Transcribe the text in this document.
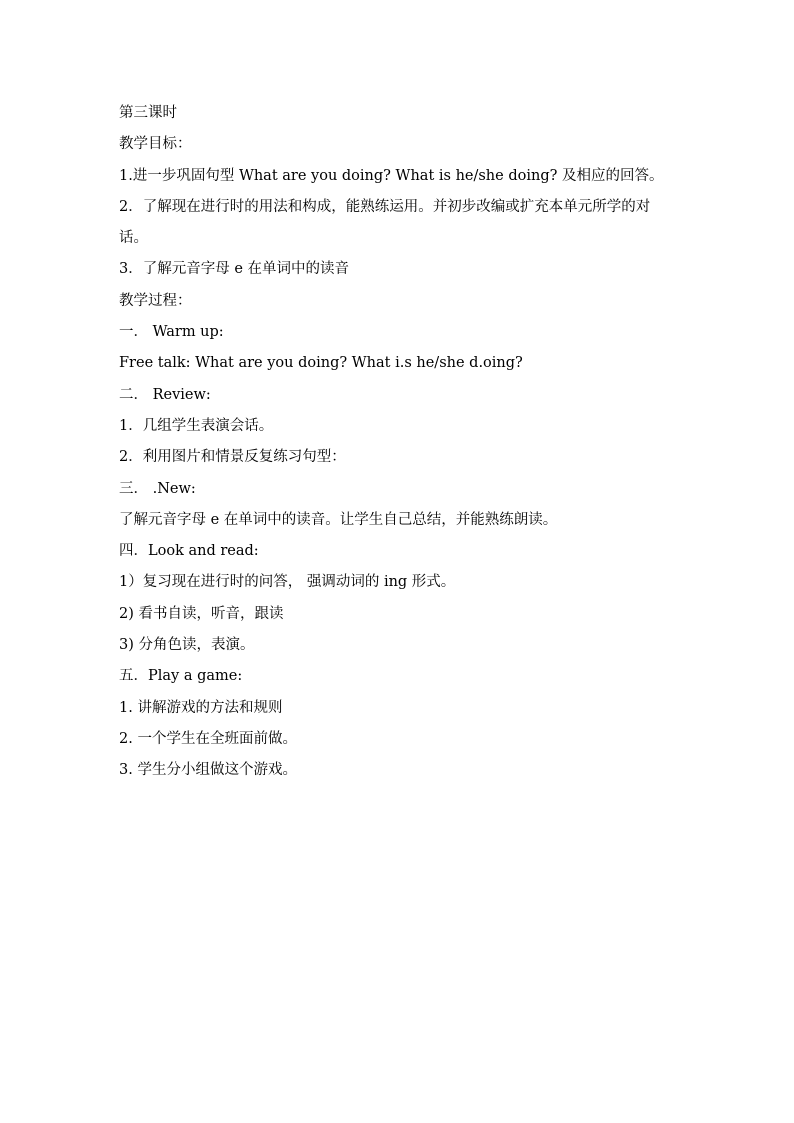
第三课时

教学目标：

1.进一步巩固句型 What are you doing? What is he/she doing? 及相应的回答。

2．了解现在进行时的用法和构成，能熟练运用。并初步改编或扩充本单元所学的对话。

3．了解元音字母 e 在单词中的读音

教学过程：

一． Warm up:

Free talk: What are you doing? What i.s he/she d.oing?

二． Review:

1．几组学生表演会话。

2．利用图片和情景反复练习句型：

三． .New:

了解元音字母 e 在单词中的读音。让学生自己总结，并能熟练朗读。

四．Look and read:

1）复习现在进行时的问答， 强调动词的 ing 形式。

2) 看书自读，听音，跟读

3) 分角色读，表演。

五．Play a game:

1. 讲解游戏的方法和规则

2. 一个学生在全班面前做。

3. 学生分小组做这个游戏。
